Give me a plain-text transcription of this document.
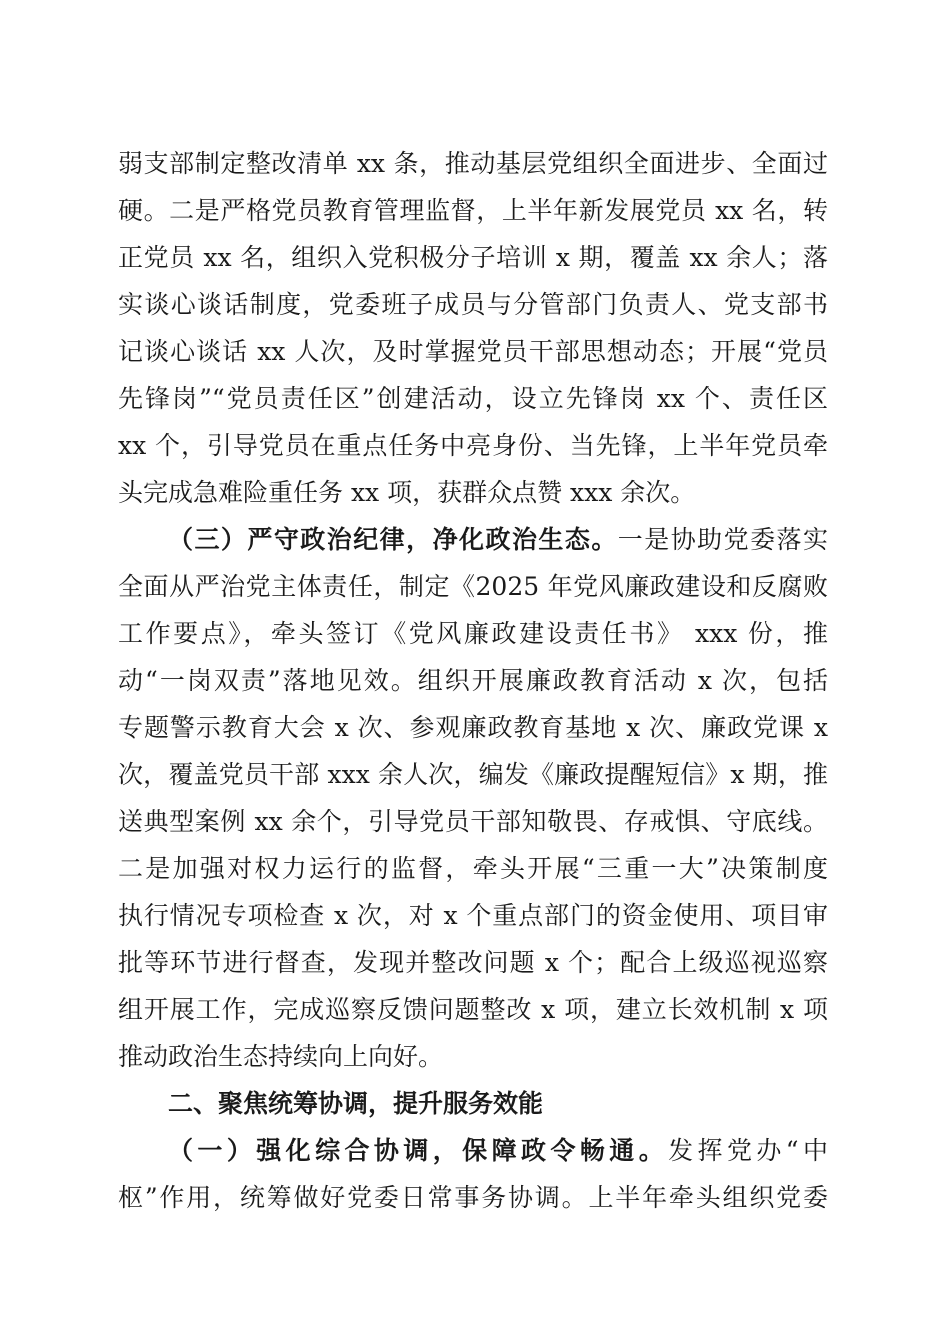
弱支部制定整改清单 xx 条，推动基层党组织全面进步、全面过
硬。二是严格党员教育管理监督，上半年新发展党员 xx 名，转
正党员 xx 名，组织入党积极分子培训 x 期，覆盖 xx 余人；落
实谈心谈话制度，党委班子成员与分管部门负责人、党支部书
记谈心谈话 xx 人次，及时掌握党员干部思想动态；开展“党员
先锋岗”“党员责任区”创建活动，设立先锋岗 xx 个、责任区
xx 个，引导党员在重点任务中亮身份、当先锋，上半年党员牵
头完成急难险重任务 xx 项，获群众点赞 xxx 余次。
（三）严守政治纪律，净化政治生态。一是协助党委落实
全面从严治党主体责任，制定《2025 年党风廉政建设和反腐败
工作要点》，牵头签订《党风廉政建设责任书》 xxx 份，推
动“一岗双责”落地见效。组织开展廉政教育活动 x 次，包括
专题警示教育大会 x 次、参观廉政教育基地 x 次、廉政党课 x
次，覆盖党员干部 xxx 余人次，编发《廉政提醒短信》x 期，推
送典型案例 xx 余个，引导党员干部知敬畏、存戒惧、守底线。
二是加强对权力运行的监督，牵头开展“三重一大”决策制度
执行情况专项检查 x 次，对 x 个重点部门的资金使用、项目审
批等环节进行督查，发现并整改问题 x 个；配合上级巡视巡察
组开展工作，完成巡察反馈问题整改 x 项，建立长效机制 x 项
推动政治生态持续向上向好。
二、聚焦统筹协调，提升服务效能
（一）强化综合协调，保障政令畅通。发挥党办“中
枢”作用，统筹做好党委日常事务协调。上半年牵头组织党委
